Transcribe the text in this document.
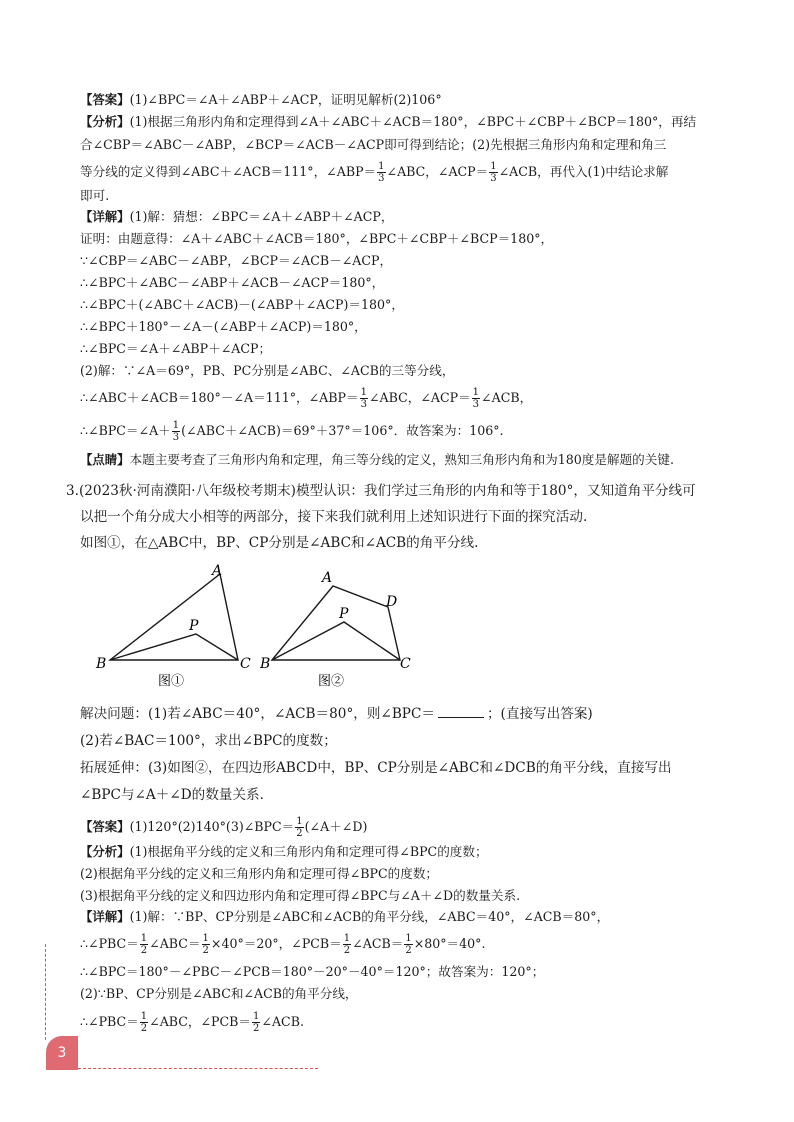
【答案】(1)∠BPC＝∠A＋∠ABP＋∠ACP，证明见解析(2)106°
【分析】(1)根据三角形内角和定理得到∠A＋∠ABC＋∠ACB＝180°，∠BPC＋∠CBP＋∠BCP＝180°，再结
合∠CBP＝∠ABC－∠ABP，∠BCP＝∠ACB－∠ACP即可得到结论；(2)先根据三角形内角和定理和角三
等分线的定义得到∠ABC＋∠ACB＝111°，∠ABP＝ $\frac{1}{3}$ ∠ABC，∠ACP＝ $\frac{1}{3}$ ∠ACB，再代入(1)中结论求解
即可.
【详解】(1)解：猜想：∠BPC＝∠A＋∠ABP＋∠ACP，
证明：由题意得：∠A＋∠ABC＋∠ACB＝180°，∠BPC＋∠CBP＋∠BCP＝180°，
∵∠CBP＝∠ABC－∠ABP，∠BCP＝∠ACB－∠ACP，
∴∠BPC＋∠ABC－∠ABP＋∠ACB－∠ACP＝180°，
∴∠BPC＋(∠ABC＋∠ACB)－(∠ABP＋∠ACP)＝180°，
∴∠BPC＋180°－∠A－(∠ABP＋∠ACP)＝180°，
∴∠BPC＝∠A＋∠ABP＋∠ACP；
(2)解：∵∠A＝69°，PB、PC分别是∠ABC、∠ACB的三等分线，
∴∠ABC＋∠ACB＝180°－∠A＝111°，∠ABP＝ $\frac{1}{3}$ ∠ABC，∠ACP＝ $\frac{1}{3}$ ∠ACB，
∴∠BPC＝∠A＋ $\frac{1}{3}$ (∠ABC＋∠ACB)＝69°＋37°＝106°．故答案为：106°.
【点睛】本题主要考查了三角形内角和定理，角三等分线的定义，熟知三角形内角和为180度是解题的关键.
3.(2023秋·河南濮阳·八年级校考期末)模型认识：我们学过三角形的内角和等于180°，又知道角平分线可
以把一个角分成大小相等的两部分，接下来我们就利用上述知识进行下面的探究活动.
如图①，在△ABC中，BP、CP分别是∠ABC和∠ACB的角平分线.
A
B	C
P
图①
A
D
B	C
P
图②
解决问题：(1)若∠ABC＝40°，∠ACB＝80°，则∠BPC＝	；(直接写出答案)
(2)若∠BAC＝100°，求出∠BPC的度数；
拓展延伸：(3)如图②，在四边形ABCD中，BP、CP分别是∠ABC和∠DCB的角平分线，直接写出
∠BPC与∠A＋∠D的数量关系.
【答案】(1)120°(2)140°(3)∠BPC＝ $\frac{1}{2}$ (∠A＋∠D)
【分析】(1)根据角平分线的定义和三角形内角和定理可得∠BPC的度数；
(2)根据角平分线的定义和三角形内角和定理可得∠BPC的度数；
(3)根据角平分线的定义和四边形内角和定理可得∠BPC与∠A＋∠D的数量关系.
【详解】(1)解：∵BP、CP分别是∠ABC和∠ACB的角平分线，∠ABC＝40°，∠ACB＝80°，
∴∠PBC＝ $\frac{1}{2}$ ∠ABC＝ $\frac{1}{2} \times 40^\circ=20^\circ$，∠PCB＝ $\frac{1}{2}$ ∠ACB＝ $\frac{1}{2} \times 80^\circ=40^\circ$.
∴∠BPC＝180°－∠PBC－∠PCB＝180°－20°－40°＝120°；故答案为：120°；
(2)∵BP、CP分别是∠ABC和∠ACB的角平分线，
∴∠PBC＝ $\frac{1}{2}$ ∠ABC，∠PCB＝ $\frac{1}{2}$ ∠ACB.
3
